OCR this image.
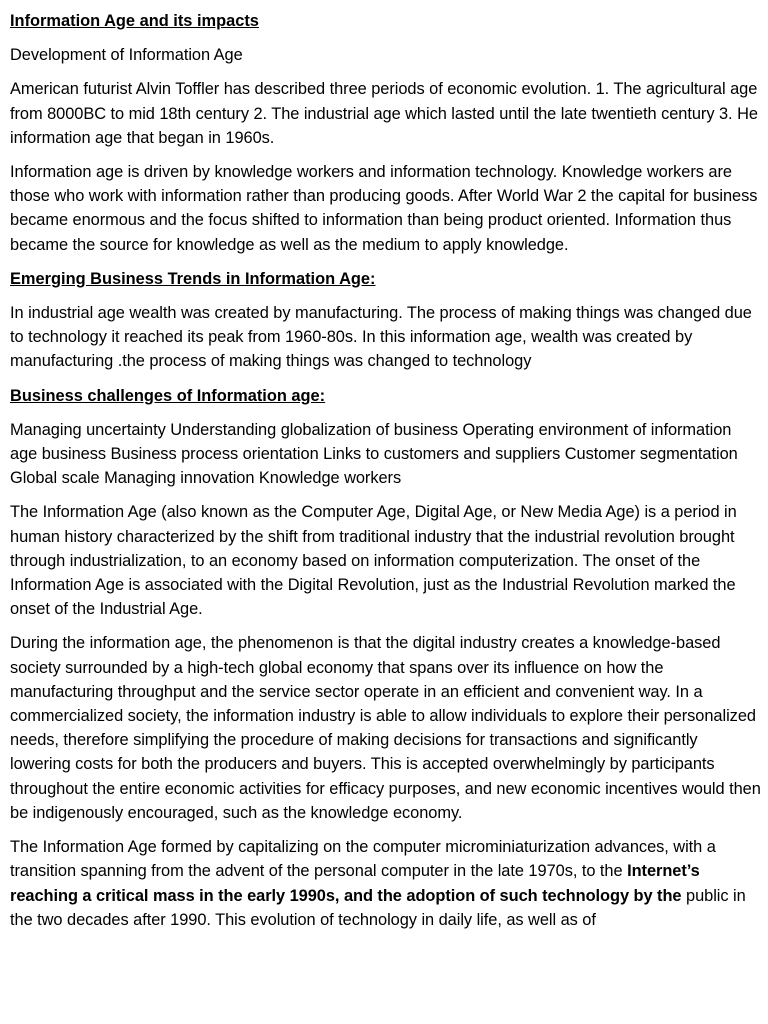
Information Age and its impacts

Development of Information Age

American futurist Alvin Toffler has described three periods of economic evolution. 1. The agricultural age from 8000BC to mid 18th century 2. The industrial age which lasted until the late twentieth century 3. He information age that began in 1960s.

Information age is driven by knowledge workers and information technology. Knowledge workers are those who work with information rather than producing goods. After World War 2 the capital for business became enormous and the focus shifted to information than being product oriented. Information thus became the source for knowledge as well as the medium to apply knowledge.

Emerging Business Trends in Information Age:

In industrial age wealth was created by manufacturing. The process of making things was changed due to technology it reached its peak from 1960-80s. In this information age, wealth was created by manufacturing .the process of making things was changed to technology

Business challenges of Information age:

Managing uncertainty Understanding globalization of business Operating environment of information age business Business process orientation Links to customers and suppliers Customer segmentation Global scale Managing innovation Knowledge workers

The Information Age (also known as the Computer Age, Digital Age, or New Media Age) is a period in human history characterized by the shift from traditional industry that the industrial revolution brought through industrialization, to an economy based on information computerization. The onset of the Information Age is associated with the Digital Revolution, just as the Industrial Revolution marked the onset of the Industrial Age.

During the information age, the phenomenon is that the digital industry creates a knowledge-based society surrounded by a high-tech global economy that spans over its influence on how the manufacturing throughput and the service sector operate in an efficient and convenient way. In a commercialized society, the information industry is able to allow individuals to explore their personalized needs, therefore simplifying the procedure of making decisions for transactions and significantly lowering costs for both the producers and buyers. This is accepted overwhelmingly by participants throughout the entire economic activities for efficacy purposes, and new economic incentives would then be indigenously encouraged, such as the knowledge economy.

The Information Age formed by capitalizing on the computer microminiaturization advances, with a transition spanning from the advent of the personal computer in the late 1970s, to the Internet’s reaching a critical mass in the early 1990s, and the adoption of such technology by the public in the two decades after 1990. This evolution of technology in daily life, as well as of
